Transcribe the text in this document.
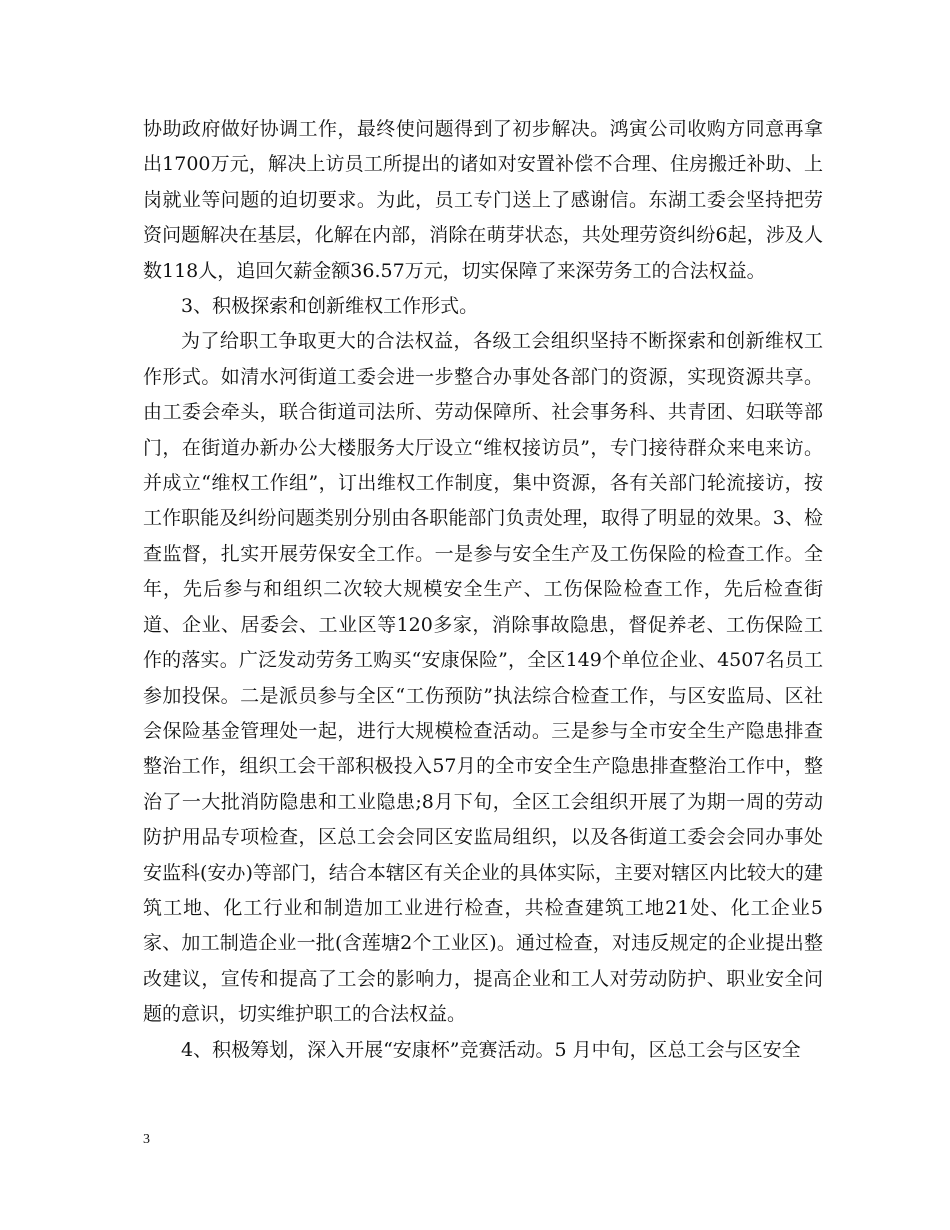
协助政府做好协调工作，最终使问题得到了初步解决。鸿寅公司收购方同意再拿出1700万元，解决上访员工所提出的诸如对安置补偿不合理、住房搬迁补助、上岗就业等问题的迫切要求。为此，员工专门送上了感谢信。东湖工委会坚持把劳资问题解决在基层，化解在内部，消除在萌芽状态，共处理劳资纠纷6起，涉及人数118人，追回欠薪金额36.57万元，切实保障了来深劳务工的合法权益。

3、积极探索和创新维权工作形式。

为了给职工争取更大的合法权益，各级工会组织坚持不断探索和创新维权工作形式。如清水河街道工委会进一步整合办事处各部门的资源，实现资源共享。由工委会牵头，联合街道司法所、劳动保障所、社会事务科、共青团、妇联等部门，在街道办新办公大楼服务大厅设立“维权接访员”，专门接待群众来电来访。并成立“维权工作组”，订出维权工作制度，集中资源，各有关部门轮流接访，按工作职能及纠纷问题类别分别由各职能部门负责处理，取得了明显的效果。3、检查监督，扎实开展劳保安全工作。一是参与安全生产及工伤保险的检查工作。全年，先后参与和组织二次较大规模安全生产、工伤保险检查工作，先后检查街道、企业、居委会、工业区等120多家，消除事故隐患，督促养老、工伤保险工作的落实。广泛发动劳务工购买“安康保险”，全区149个单位企业、4507名员工参加投保。二是派员参与全区“工伤预防”执法综合检查工作，与区安监局、区社会保险基金管理处一起，进行大规模检查活动。三是参与全市安全生产隐患排查整治工作，组织工会干部积极投入57月的全市安全生产隐患排查整治工作中，整治了一大批消防隐患和工业隐患;8月下旬，全区工会组织开展了为期一周的劳动防护用品专项检查，区总工会会同区安监局组织，以及各街道工委会会同办事处安监科(安办)等部门，结合本辖区有关企业的具体实际，主要对辖区内比较大的建筑工地、化工行业和制造加工业进行检查，共检查建筑工地21处、化工企业5家、加工制造企业一批(含莲塘2个工业区)。通过检查，对违反规定的企业提出整改建议，宣传和提高了工会的影响力，提高企业和工人对劳动防护、职业安全问题的意识，切实维护职工的合法权益。

4、积极筹划，深入开展“安康杯”竞赛活动。5 月中旬，区总工会与区安全

3
